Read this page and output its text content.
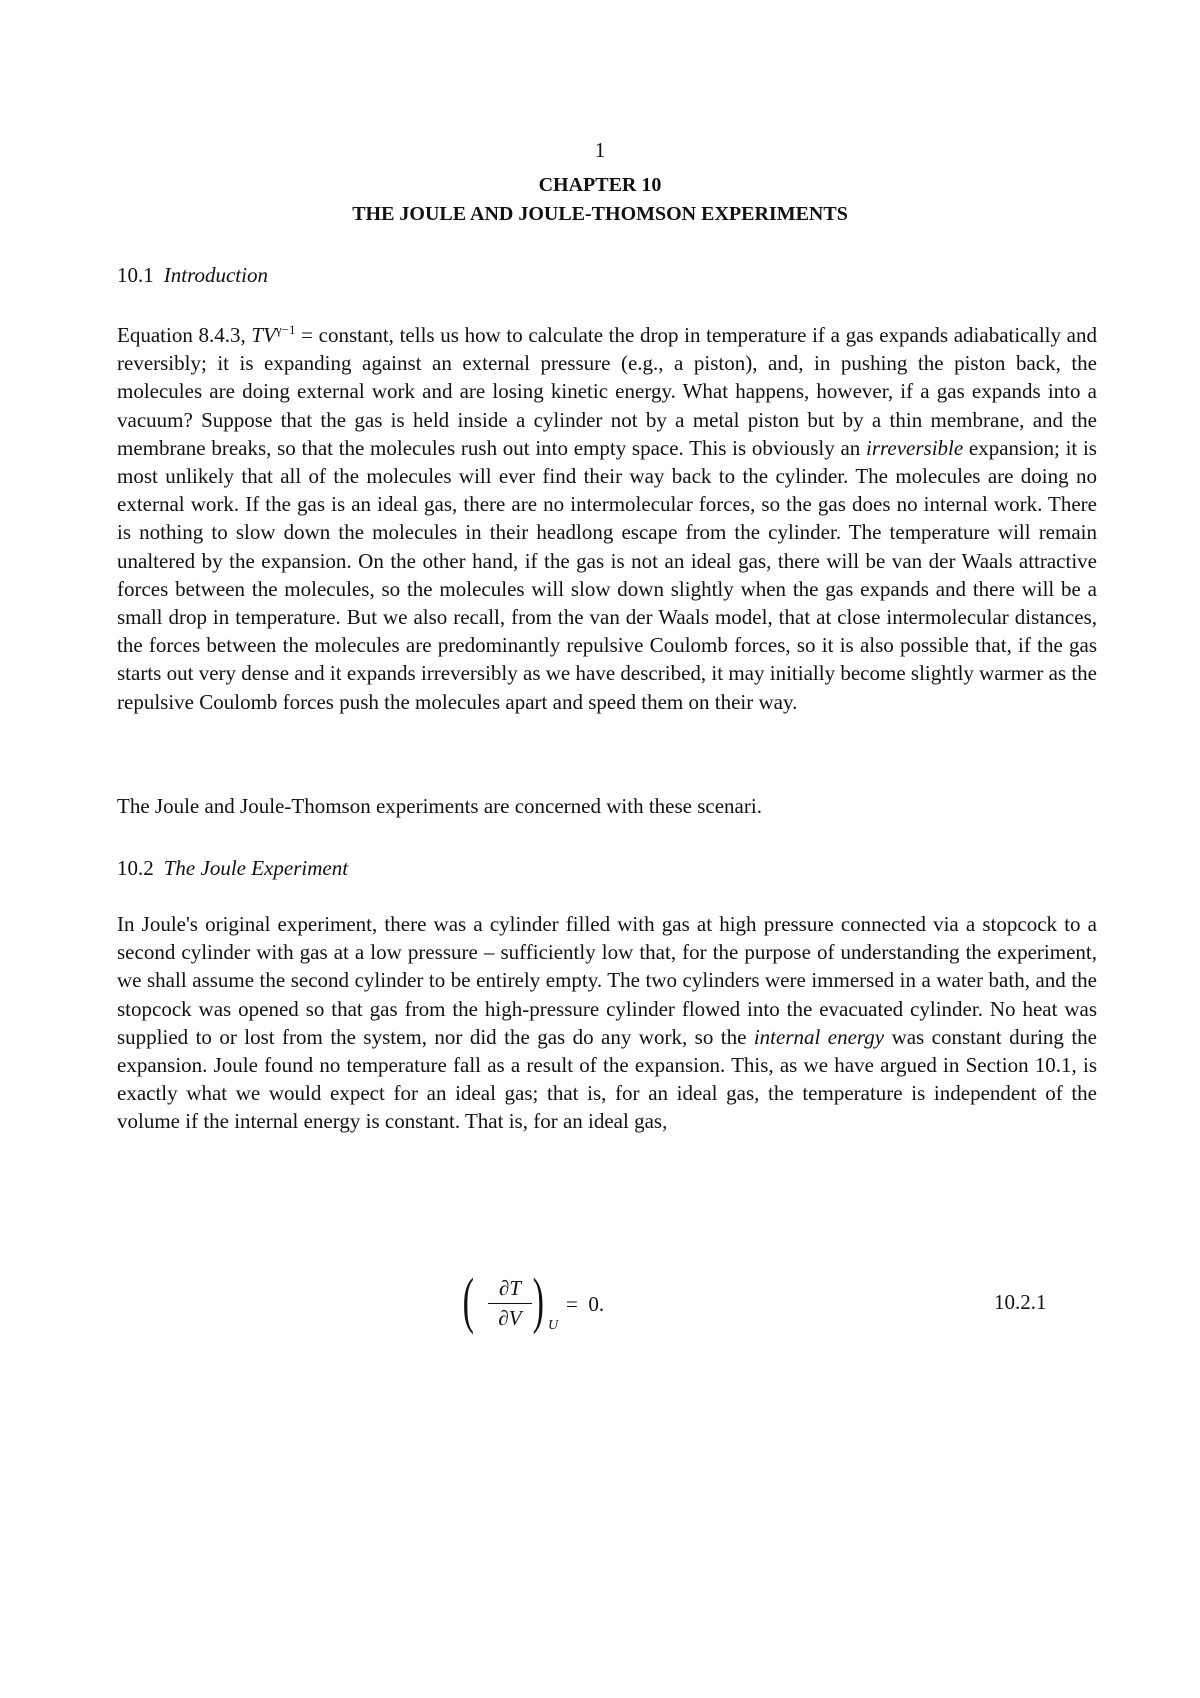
1
CHAPTER 10
THE JOULE AND JOULE-THOMSON EXPERIMENTS
10.1 Introduction

Equation 8.4.3, $TV^{\gamma-1}$ = constant, tells us how to calculate the drop in temperature if a gas expands adiabatically and reversibly; it is expanding against an external pressure (e.g., a piston), and, in pushing the piston back, the molecules are doing external work and are losing kinetic energy. What happens, however, if a gas expands into a vacuum? Suppose that the gas is held inside a cylinder not by a metal piston but by a thin membrane, and the membrane breaks, so that the molecules rush out into empty space. This is obviously an irreversible expansion; it is most unlikely that all of the molecules will ever find their way back to the cylinder. The molecules are doing no external work. If the gas is an ideal gas, there are no intermolecular forces, so the gas does no internal work. There is nothing to slow down the molecules in their headlong escape from the cylinder. The temperature will remain unaltered by the expansion. On the other hand, if the gas is not an ideal gas, there will be van der Waals attractive forces between the molecules, so the molecules will slow down slightly when the gas expands and there will be a small drop in temperature. But we also recall, from the van der Waals model, that at close intermolecular distances, the forces between the molecules are predominantly repulsive Coulomb forces, so it is also possible that, if the gas starts out very dense and it expands irreversibly as we have described, it may initially become slightly warmer as the repulsive Coulomb forces push the molecules apart and speed them on their way.

The Joule and Joule-Thomson experiments are concerned with these scenari.

10.2 The Joule Experiment

In Joule's original experiment, there was a cylinder filled with gas at high pressure connected via a stopcock to a second cylinder with gas at a low pressure – sufficiently low that, for the purpose of understanding the experiment, we shall assume the second cylinder to be entirely empty. The two cylinders were immersed in a water bath, and the stopcock was opened so that gas from the high-pressure cylinder flowed into the evacuated cylinder. No heat was supplied to or lost from the system, nor did the gas do any work, so the internal energy was constant during the expansion. Joule found no temperature fall as a result of the expansion. This, as we have argued in Section 10.1, is exactly what we would expect for an ideal gas; that is, for an ideal gas, the temperature is independent of the volume if the internal energy is constant. That is, for an ideal gas,

( $\frac{\partial T}{\partial V}$ ) U
=  0.	10.2.1
